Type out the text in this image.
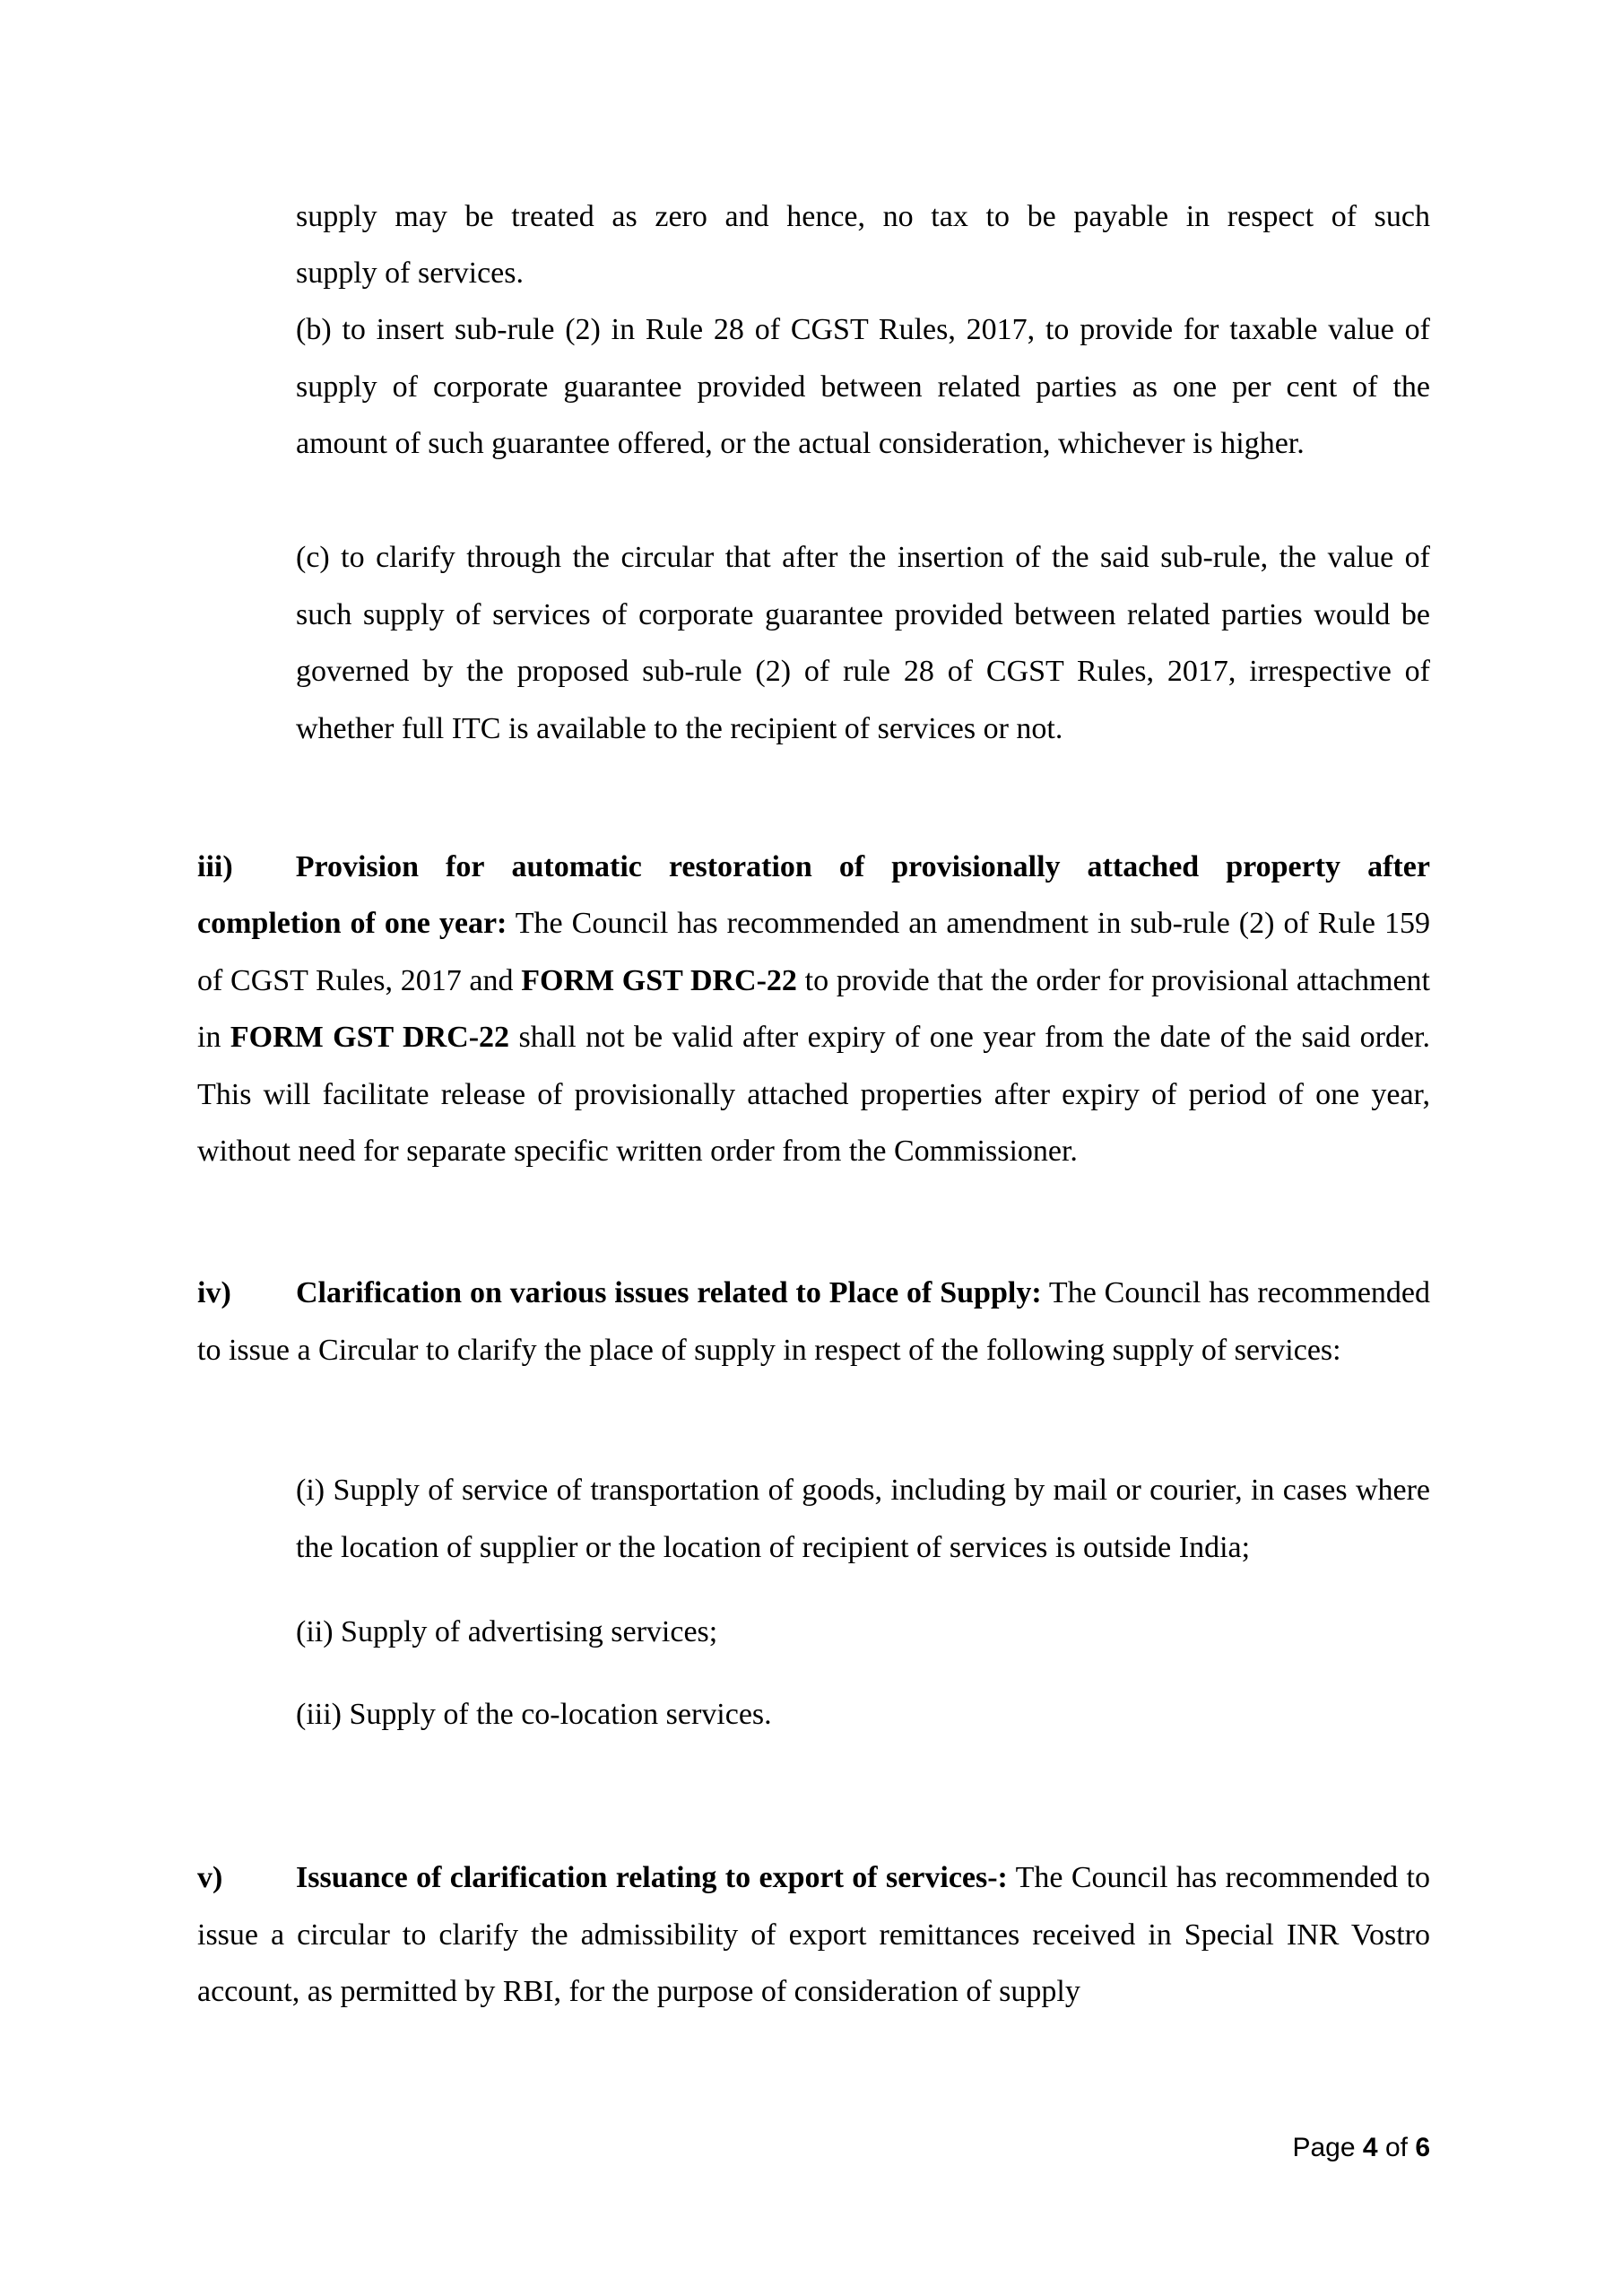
supply may be treated as zero and hence, no tax to be payable in respect of such

supply of services.

(b) to insert sub-rule (2) in Rule 28 of CGST Rules, 2017, to provide for taxable value of supply of corporate guarantee provided between related parties as one per cent of the amount of such guarantee offered, or the actual consideration, whichever is higher.

(c) to clarify through the circular that after the insertion of the said sub-rule, the value of such supply of services of corporate guarantee provided between related parties would be governed by the proposed sub-rule (2) of rule 28 of CGST Rules, 2017, irrespective of whether full ITC is available to the recipient of services or not.

iii) Provision for automatic restoration of provisionally attached property after

completion of one year: The Council has recommended an amendment in sub-rule (2) of Rule 159 of CGST Rules, 2017 and FORM GST DRC-22 to provide that the order for provisional attachment in FORM GST DRC-22 shall not be valid after expiry of one year from the date of the said order. This will facilitate release of provisionally attached properties after expiry of period of one year, without need for separate specific written order from the Commissioner.

iv) Clarification on various issues related to Place of Supply: The Council has recommended to issue a Circular to clarify the place of supply in respect of the following supply of services:

(i) Supply of service of transportation of goods, including by mail or courier, in cases where the location of supplier or the location of recipient of services is outside India;

(ii) Supply of advertising services;

(iii) Supply of the co-location services.

v) Issuance of clarification relating to export of services-: The Council has recommended to issue a circular to clarify the admissibility of export remittances received in Special INR Vostro account, as permitted by RBI, for the purpose of consideration of supply

Page 4 of 6
